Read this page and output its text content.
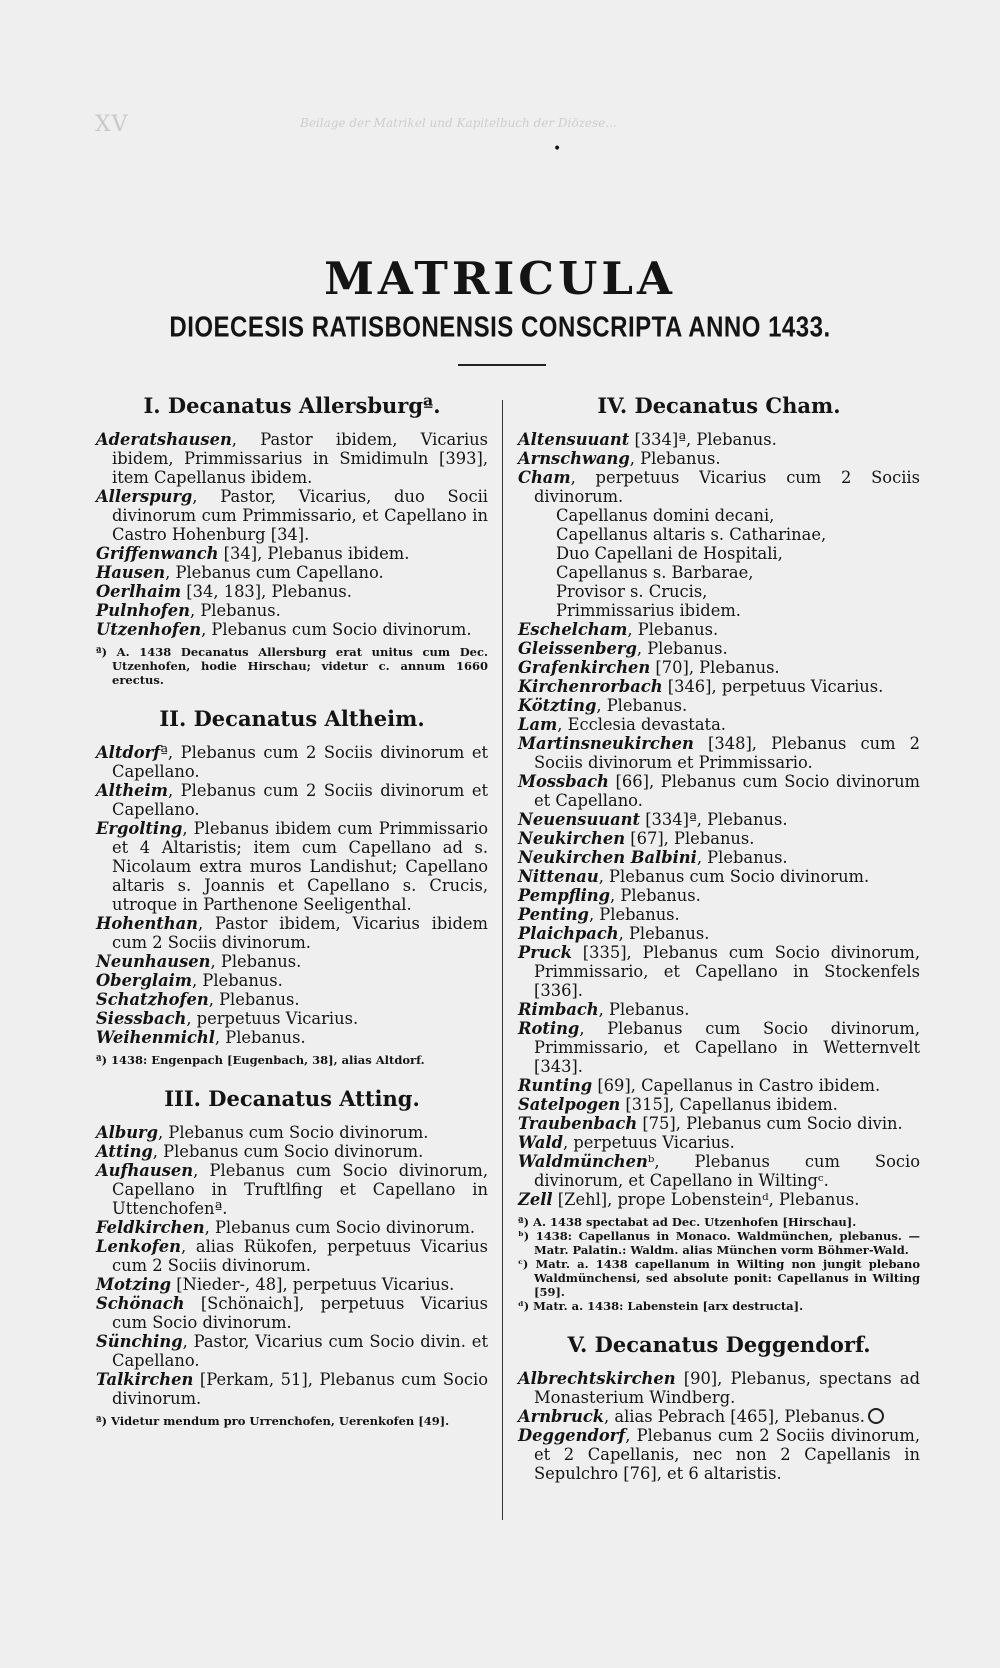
XV	Beilage der Matrikel und Kapitelbuch der Diözese...
•
MATRICULA
DIOECESIS RATISBONENSIS CONSCRIPTA ANNO 1433.
I. Decanatus Allersburgª.

Aderatshausen, Pastor ibidem, Vicarius ibidem, Primmissarius in Smidimuln [393], item Capellanus ibidem.

Allerspurg, Pastor, Vicarius, duo Socii divinorum cum Primmissario, et Capellano in Castro Hohenburg [34].

Griffenwanch [34], Plebanus ibidem.

Hausen, Plebanus cum Capellano.

Oerlhaim [34, 183], Plebanus.

Pulnhofen, Plebanus.

Utzenhofen, Plebanus cum Socio divinorum.

ª) A. 1438 Decanatus Allersburg erat unitus cum Dec. Utzenhofen, hodie Hirschau; videtur c. annum 1660 erectus.

II. Decanatus Altheim.

Altdorfª, Plebanus cum 2 Sociis divinorum et Capellano.

Altheim, Plebanus cum 2 Sociis divinorum et Capellano.

Ergolting, Plebanus ibidem cum Primmissario et 4 Altaristis; item cum Capellano ad s. Nicolaum extra muros Landishut; Capellano altaris s. Joannis et Capellano s. Crucis, utroque in Parthenone Seeligenthal.

Hohenthan, Pastor ibidem, Vicarius ibidem cum 2 Sociis divinorum.

Neunhausen, Plebanus.

Oberglaim, Plebanus.

Schatzhofen, Plebanus.

Siessbach, perpetuus Vicarius.

Weihenmichl, Plebanus.

ª) 1438: Engenpach [Eugenbach, 38], alias Altdorf.

III. Decanatus Atting.

Alburg, Plebanus cum Socio divinorum.

Atting, Plebanus cum Socio divinorum.

Aufhausen, Plebanus cum Socio divinorum, Capellano in Truftlfing et Capellano in Uttenchofenª.

Feldkirchen, Plebanus cum Socio divinorum.

Lenkofen, alias Rükofen, perpetuus Vicarius cum 2 Sociis divinorum.

Motzing [Nieder-, 48], perpetuus Vicarius.

Schönach [Schönaich], perpetuus Vicarius cum Socio divinorum.

Sünching, Pastor, Vicarius cum Socio divin. et Capellano.

Talkirchen [Perkam, 51], Plebanus cum Socio divinorum.

ª) Videtur mendum pro Urrenchofen, Uerenkofen [49].

IV. Decanatus Cham.

Altensuuant [334]ª, Plebanus.

Arnschwang, Plebanus.

Cham, perpetuus Vicarius cum 2 Sociis divinorum.

Capellanus domini decani,

Capellanus altaris s. Catharinae,

Duo Capellani de Hospitali,

Capellanus s. Barbarae,

Provisor s. Crucis,

Primmissarius ibidem.

Eschelcham, Plebanus.

Gleissenberg, Plebanus.

Grafenkirchen [70], Plebanus.

Kirchenrorbach [346], perpetuus Vicarius.

Kötzting, Plebanus.

Lam, Ecclesia devastata.

Martinsneukirchen [348], Plebanus cum 2 Sociis divinorum et Primmissario.

Mossbach [66], Plebanus cum Socio divinorum et Capellano.

Neuensuuant [334]ª, Plebanus.

Neukirchen [67], Plebanus.

Neukirchen Balbini, Plebanus.

Nittenau, Plebanus cum Socio divinorum.

Pempfling, Plebanus.

Penting, Plebanus.

Plaichpach, Plebanus.

Pruck [335], Plebanus cum Socio divinorum, Primmissario, et Capellano in Stockenfels [336].

Rimbach, Plebanus.

Roting, Plebanus cum Socio divinorum, Primmissario, et Capellano in Wetternvelt [343].

Runting [69], Capellanus in Castro ibidem.

Satelpogen [315], Capellanus ibidem.

Traubenbach [75], Plebanus cum Socio divin.

Wald, perpetuus Vicarius.

Waldmünchenᵇ, Plebanus cum Socio divinorum, et Capellano in Wiltingᶜ.

Zell [Zehl], prope Lobensteinᵈ, Plebanus.

ª) A. 1438 spectabat ad Dec. Utzenhofen [Hirschau].

ᵇ) 1438: Capellanus in Monaco. Waldmünchen, plebanus. — Matr. Palatin.: Waldm. alias München vorm Böhmer-Wald.

ᶜ) Matr. a. 1438 capellanum in Wilting non jungit plebano Waldmünchensi, sed absolute ponit: Capellanus in Wilting [59].

ᵈ) Matr. a. 1438: Labenstein [arx destructa].

V. Decanatus Deggendorf.

Albrechtskirchen [90], Plebanus, spectans ad Monasterium Windberg.

Arnbruck, alias Pebrach [465], Plebanus.

Deggendorf, Plebanus cum 2 Sociis divinorum, et 2 Capellanis, nec non 2 Capellanis in Sepulchro [76], et 6 altaristis.
